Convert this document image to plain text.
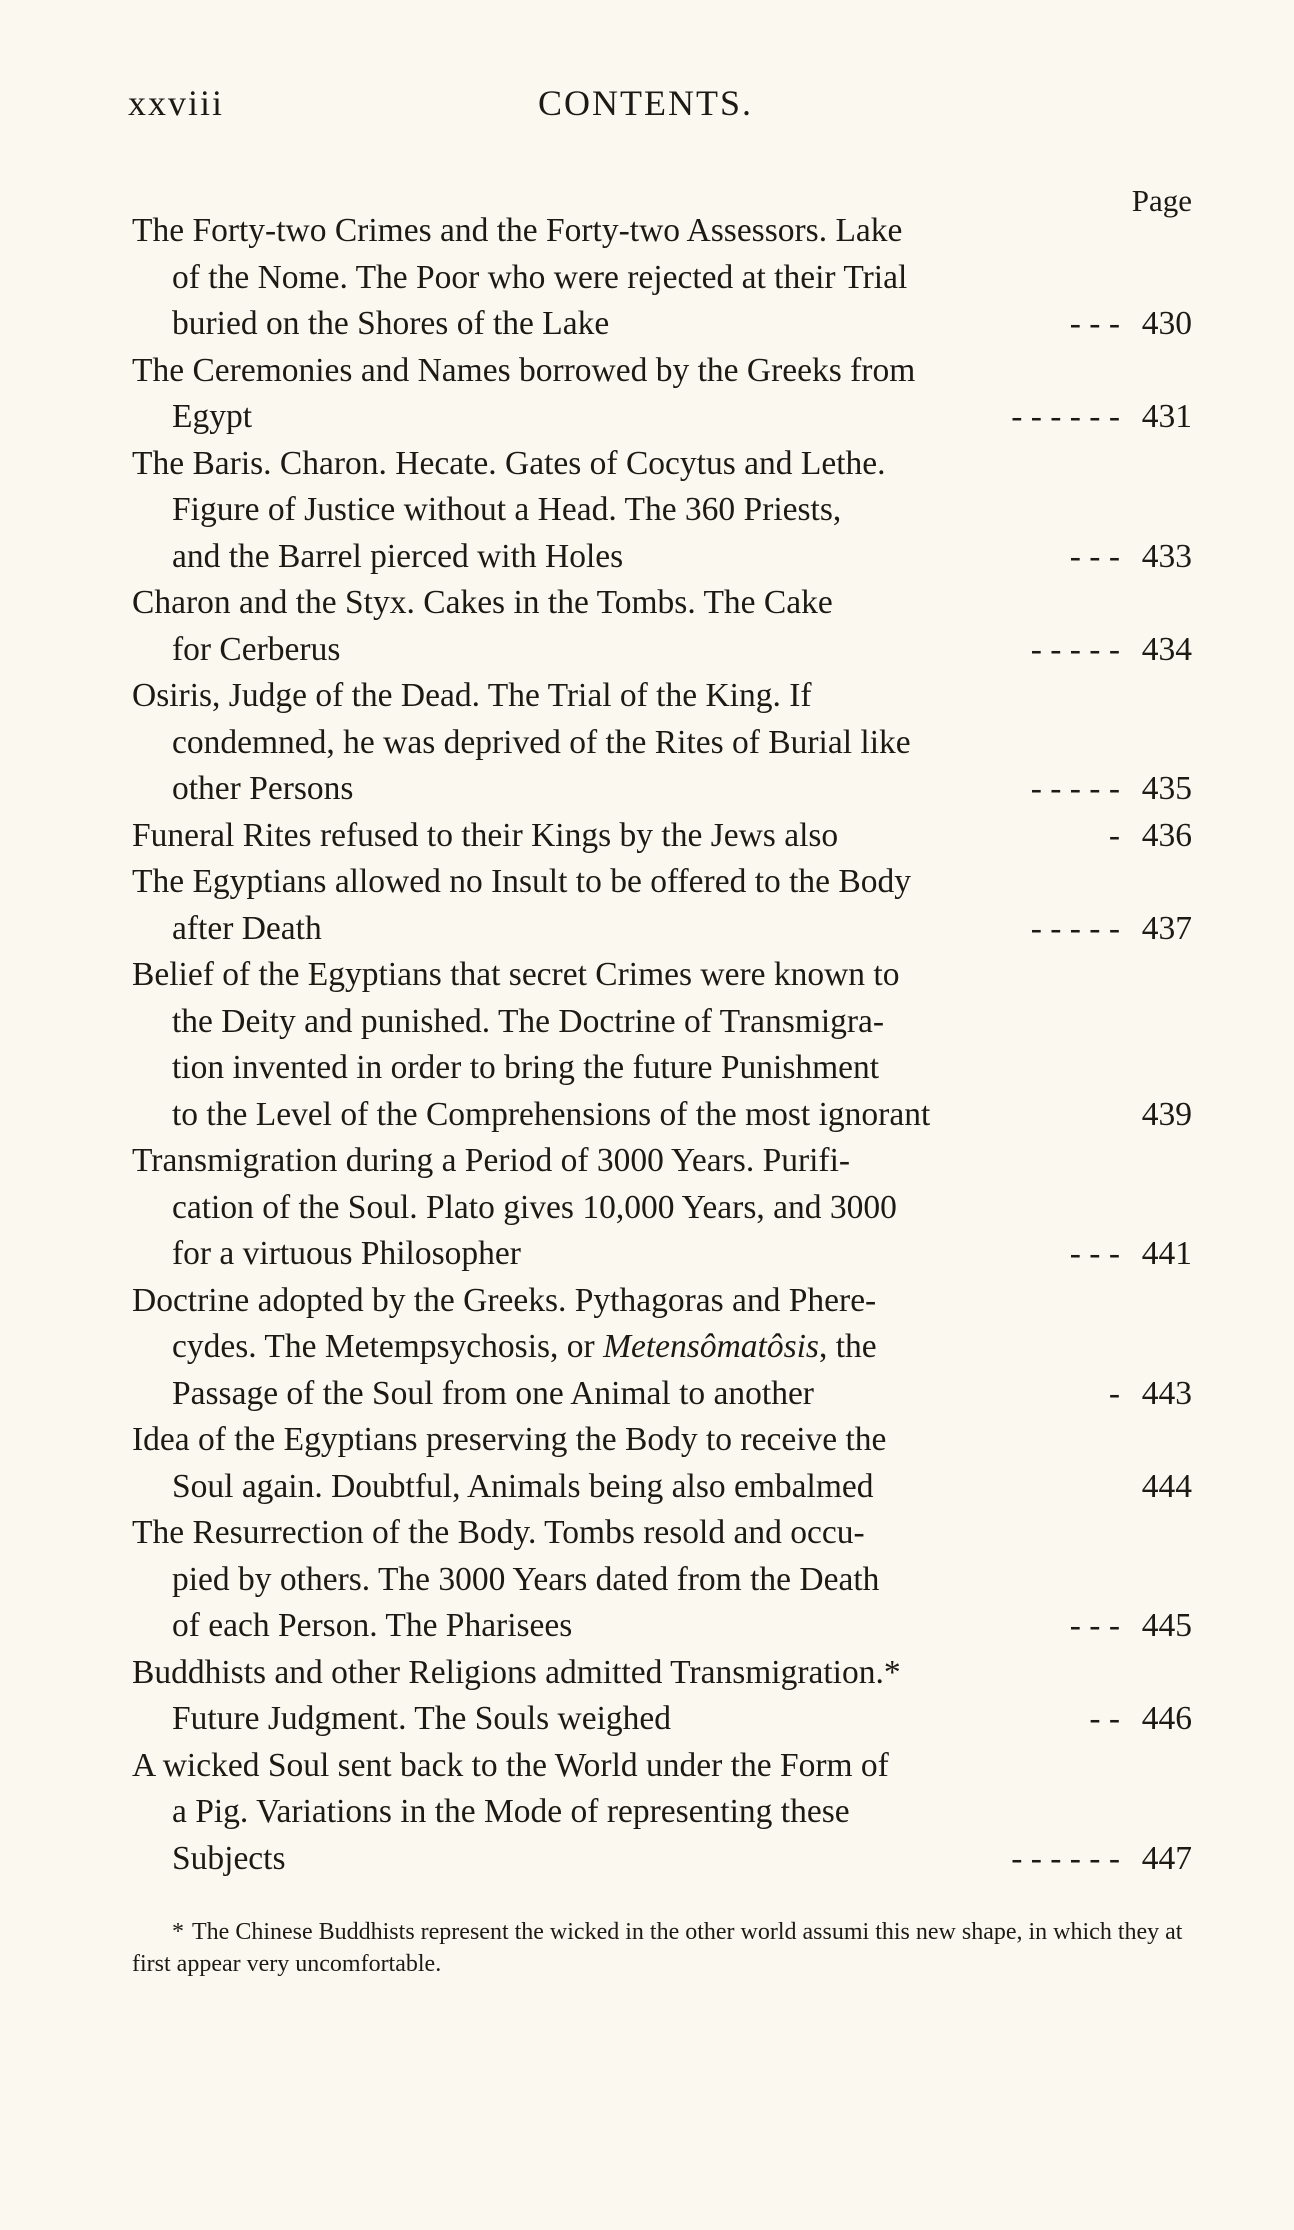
xxviii	CONTENTS.
Page
The Forty-two Crimes and the Forty-two Assessors. Lake
of the Nome. The Poor who were rejected at their Trial
buried on the Shores of the Lake	- - - 430
The Ceremonies and Names borrowed by the Greeks from
Egypt	- - - - - - 431
The Baris. Charon. Hecate. Gates of Cocytus and Lethe.
Figure of Justice without a Head. The 360 Priests,
and the Barrel pierced with Holes	- - - 433
Charon and the Styx. Cakes in the Tombs. The Cake
for Cerberus	- - - - - 434
Osiris, Judge of the Dead. The Trial of the King. If
condemned, he was deprived of the Rites of Burial like
other Persons	- - - - - 435
Funeral Rites refused to their Kings by the Jews also	- 436
The Egyptians allowed no Insult to be offered to the Body
after Death	- - - - - 437
Belief of the Egyptians that secret Crimes were known to
the Deity and punished. The Doctrine of Transmigra-
tion invented in order to bring the future Punishment
to the Level of the Comprehensions of the most ignorant	439
Transmigration during a Period of 3000 Years. Purifi-
cation of the Soul. Plato gives 10,000 Years, and 3000
for a virtuous Philosopher	- - - 441
Doctrine adopted by the Greeks. Pythagoras and Phere-
cydes. The Metempsychosis, or Metensômatôsis, the
Passage of the Soul from one Animal to another	- 443
Idea of the Egyptians preserving the Body to receive the
Soul again. Doubtful, Animals being also embalmed	444
The Resurrection of the Body. Tombs resold and occu-
pied by others. The 3000 Years dated from the Death
of each Person. The Pharisees	- - - 445
Buddhists and other Religions admitted Transmigration.*
Future Judgment. The Souls weighed	- - 446
A wicked Soul sent back to the World under the Form of
a Pig. Variations in the Mode of representing these
Subjects	- - - - - - 447
* The Chinese Buddhists represent the wicked in the other world assumi this new shape, in which they at first appear very uncomfortable.
